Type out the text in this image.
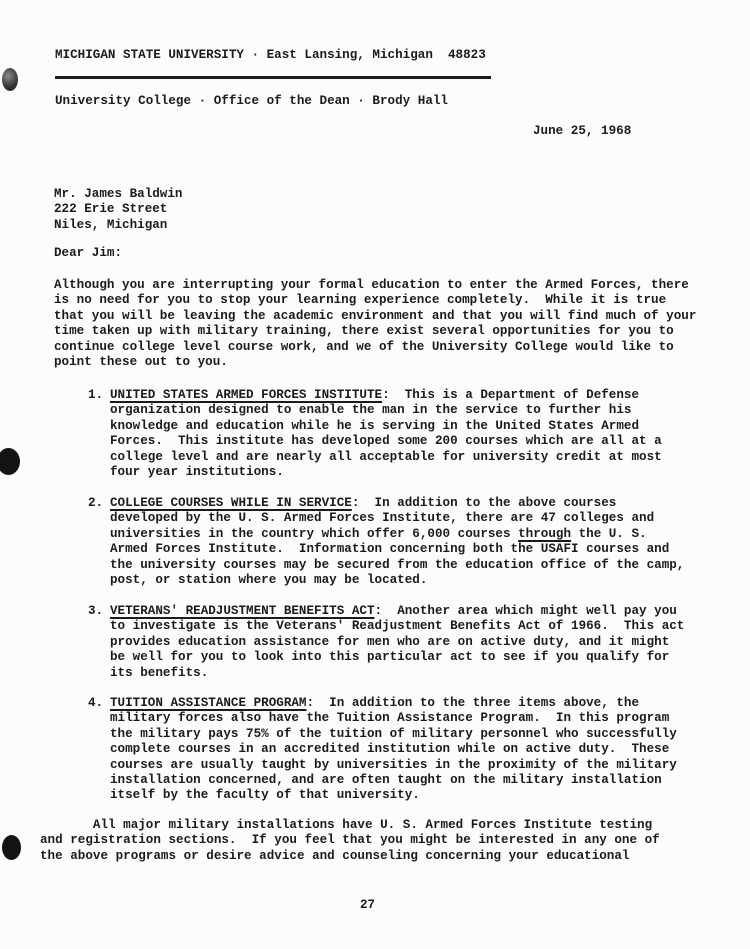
MICHIGAN STATE UNIVERSITY · East Lansing, Michigan  48823
University College · Office of the Dean · Brody Hall
June 25, 1968
Mr. James Baldwin
222 Erie Street
Niles, Michigan
Dear Jim:
Although you are interrupting your formal education to enter the Armed Forces, there
is no need for you to stop your learning experience completely.  While it is true
that you will be leaving the academic environment and that you will find much of your
time taken up with military training, there exist several opportunities for you to
continue college level course work, and we of the University College would like to
point these out to you.
1. UNITED STATES ARMED FORCES INSTITUTE:  This is a Department of Defense
organization designed to enable the man in the service to further his
knowledge and education while he is serving in the United States Armed
Forces.  This institute has developed some 200 courses which are all at a
college level and are nearly all acceptable for university credit at most
four year institutions.
2. COLLEGE COURSES WHILE IN SERVICE:  In addition to the above courses
developed by the U. S. Armed Forces Institute, there are 47 colleges and
universities in the country which offer 6,000 courses through the U. S.
Armed Forces Institute.  Information concerning both the USAFI courses and
the university courses may be secured from the education office of the camp,
post, or station where you may be located.
3. VETERANS' READJUSTMENT BENEFITS ACT:  Another area which might well pay you
to investigate is the Veterans' Readjustment Benefits Act of 1966.  This act
provides education assistance for men who are on active duty, and it might
be well for you to look into this particular act to see if you qualify for
its benefits.
4. TUITION ASSISTANCE PROGRAM:  In addition to the three items above, the
military forces also have the Tuition Assistance Program.  In this program
the military pays 75% of the tuition of military personnel who successfully
complete courses in an accredited institution while on active duty.  These
courses are usually taught by universities in the proximity of the military
installation concerned, and are often taught on the military installation
itself by the faculty of that university.
All major military installations have U. S. Armed Forces Institute testing
and registration sections.  If you feel that you might be interested in any one of
the above programs or desire advice and counseling concerning your educational
27
